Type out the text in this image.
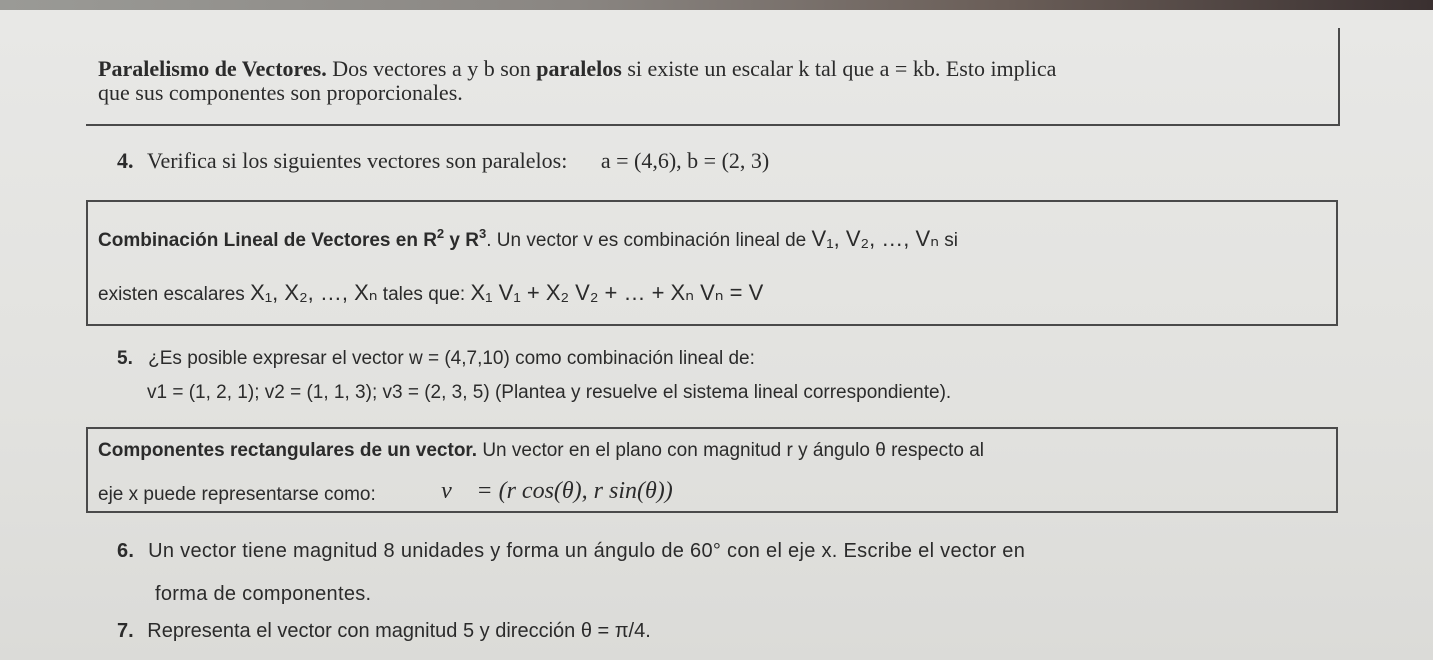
Paralelismo de Vectores. Dos vectores a y b son paralelos si existe un escalar k tal que a = kb. Esto implica
que sus componentes son proporcionales.
4. Verifica si los siguientes vectores son paralelos: a = (4,6), b = (2, 3)
Combinación Lineal de Vectores en $R^2$ y $R^3$. Un vector v es combinación lineal de V₁, V₂, …, Vₙ si
existen escalares X₁, X₂, …, Xₙ tales que: X₁ V₁ + X₂ V₂ + … + Xₙ Vₙ = V
5. ¿Es posible expresar el vector w = (4,7,10) como combinación lineal de:
v1 = (1, 2, 1); v2 = (1, 1, 3); v3 = (2, 3, 5) (Plantea y resuelve el sistema lineal correspondiente).
Componentes rectangulares de un vector. Un vector en el plano con magnitud r y ángulo θ respecto al
eje x puede representarse como:	v⃗ = (r cos(θ), r sin(θ))
6. Un vector tiene magnitud 8 unidades y forma un ángulo de 60° con el eje x. Escribe el vector en
forma de componentes.
7. Representa el vector con magnitud 5 y dirección θ = π/4.
